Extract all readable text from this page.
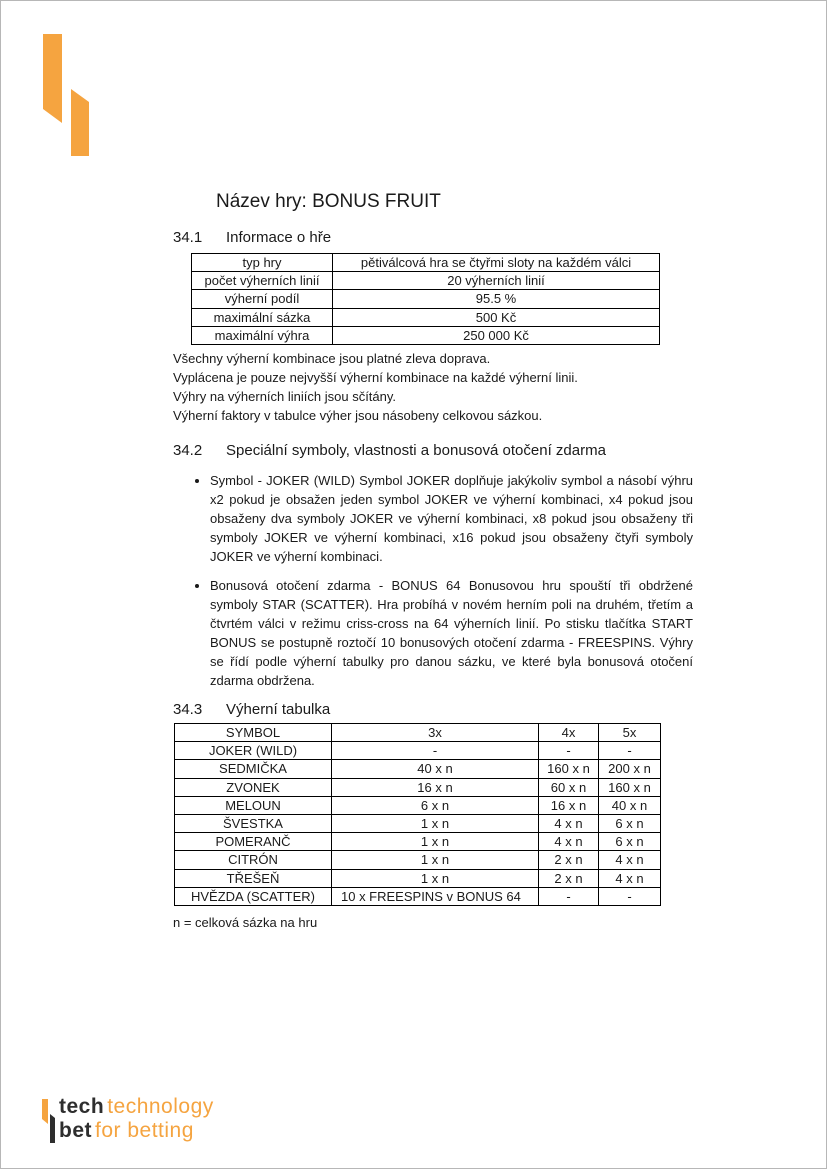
Název hry: BONUS FRUIT
34.1	Informace o hře
typ hry	pětiválcová hra se čtyřmi sloty na každém válci
počet výherních linií	20 výherních linií
výherní podíl	95.5 %
maximální sázka	500 Kč
maximální výhra	250 000 Kč
Všechny výherní kombinace jsou platné zleva doprava.
Vyplácena je pouze nejvyšší výherní kombinace na každé výherní linii.
Výhry na výherních liniích jsou sčítány.
Výherní faktory v tabulce výher jsou násobeny celkovou sázkou.
34.2	Speciální symboly, vlastnosti a bonusová otočení zdarma
• Symbol - JOKER (WILD) Symbol JOKER doplňuje jakýkoliv symbol a násobí výhru x2 pokud je obsažen jeden symbol JOKER ve výherní kombinaci, x4 pokud jsou obsaženy dva symboly JOKER ve výherní kombinaci, x8 pokud jsou obsaženy tři symboly JOKER ve výherní kombinaci, x16 pokud jsou obsaženy čtyři symboly JOKER ve výherní kombinaci.
• Bonusová otočení zdarma - BONUS 64 Bonusovou hru spouští tři obdržené symboly STAR (SCATTER). Hra probíhá v novém herním poli na druhém, třetím a čtvrtém válci v režimu criss-cross na 64 výherních linií. Po stisku tlačítka START BONUS se postupně roztočí 10 bonusových otočení zdarma - FREESPINS. Výhry se řídí podle výherní tabulky pro danou sázku, ve které byla bonusová otočení zdarma obdržena.
34.3	Výherní tabulka
SYMBOL	3x	4x	5x
JOKER (WILD)	-	-	-
SEDMIČKA	40 x n	160 x n	200 x n
ZVONEK	16 x n	60 x n	160 x n
MELOUN	6 x n	16 x n	40 x n
ŠVESTKA	1 x n	4 x n	6 x n
POMERANČ	1 x n	4 x n	6 x n
CITRÓN	1 x n	2 x n	4 x n
TŘEŠEŇ	1 x n	2 x n	4 x n
HVĚZDA (SCATTER)	10 x FREESPINS v BONUS 64	-	-
n = celková sázka na hru
tech technology
bet for betting
